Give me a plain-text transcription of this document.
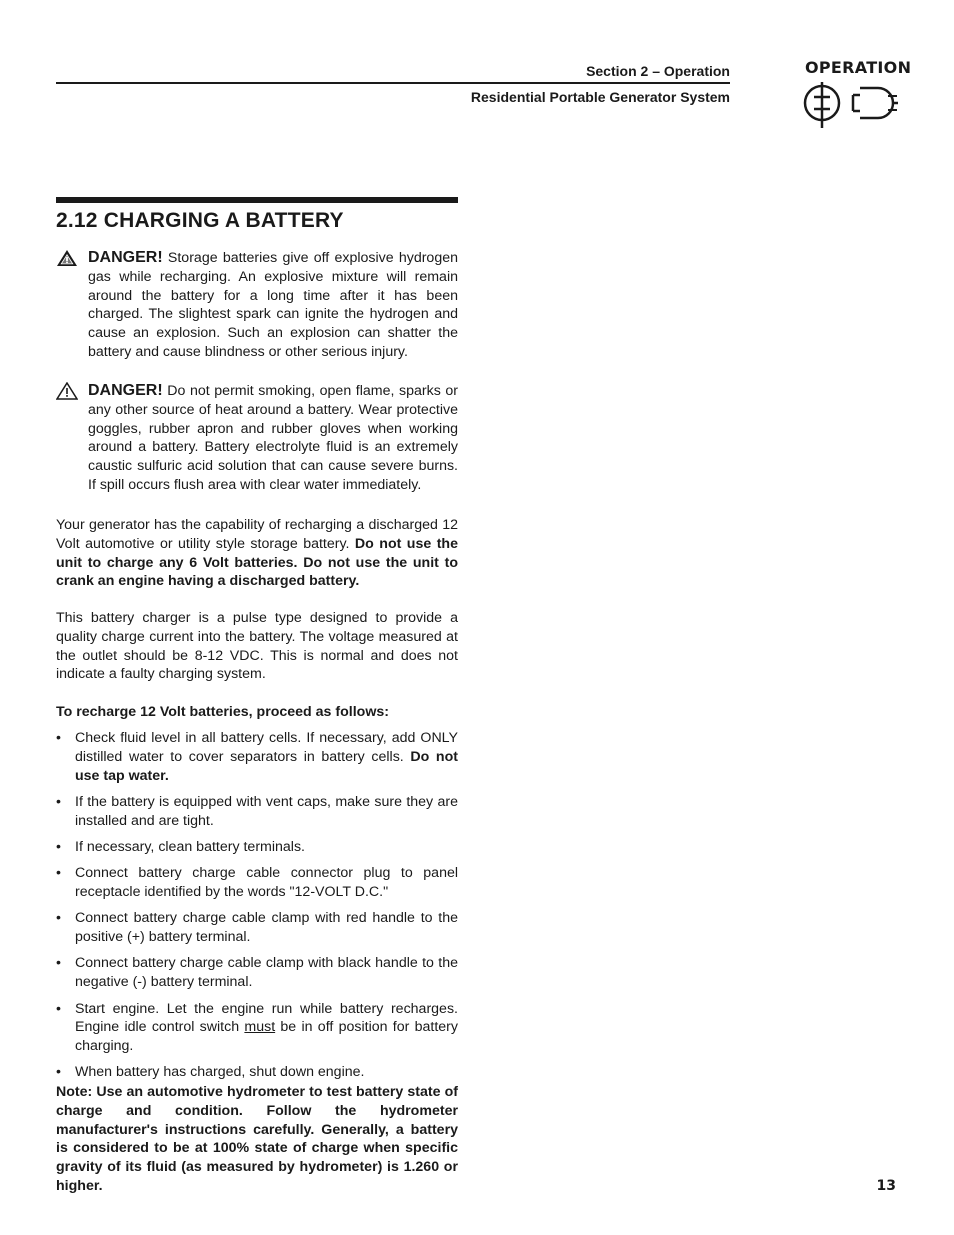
Section 2 – Operation
Residential Portable Generator System
OPERATION
2.12 CHARGING A BATTERY
DANGER! Storage batteries give off explosive hydrogen gas while recharging. An explosive mixture will remain around the battery for a long time after it has been charged. The slightest spark can ignite the hydrogen and cause an explosion. Such an explosion can shatter the battery and cause blindness or other serious injury.
DANGER! Do not permit smoking, open flame, sparks or any other source of heat around a battery. Wear protective goggles, rubber apron and rubber gloves when working around a battery. Battery electrolyte fluid is an extremely caustic sulfuric acid solution that can cause severe burns. If spill occurs flush area with clear water immediately.
Your generator has the capability of recharging a discharged 12 Volt automotive or utility style storage battery. Do not use the unit to charge any 6 Volt batteries. Do not use the unit to crank an engine having a discharged battery.
This battery charger is a pulse type designed to provide a quality charge current into the battery. The voltage measured at the outlet should be 8-12 VDC. This is normal and does not indicate a faulty charging system.
To recharge 12 Volt batteries, proceed as follows:
• Check fluid level in all battery cells. If necessary, add ONLY distilled water to cover separators in battery cells. Do not use tap water.
• If the battery is equipped with vent caps, make sure they are installed and are tight.
• If necessary, clean battery terminals.
• Connect battery charge cable connector plug to panel receptacle identified by the words "12-VOLT D.C."
• Connect battery charge cable clamp with red handle to the positive (+) battery terminal.
• Connect battery charge cable clamp with black handle to the negative (-) battery terminal.
• Start engine. Let the engine run while battery recharges. Engine idle control switch must be in off position for battery charging.
• When battery has charged, shut down engine.
Note: Use an automotive hydrometer to test battery state of charge and condition. Follow the hydrometer manufacturer's instructions carefully. Generally, a battery is considered to be at 100% state of charge when specific gravity of its fluid (as measured by hydrometer) is 1.260 or higher.	13
